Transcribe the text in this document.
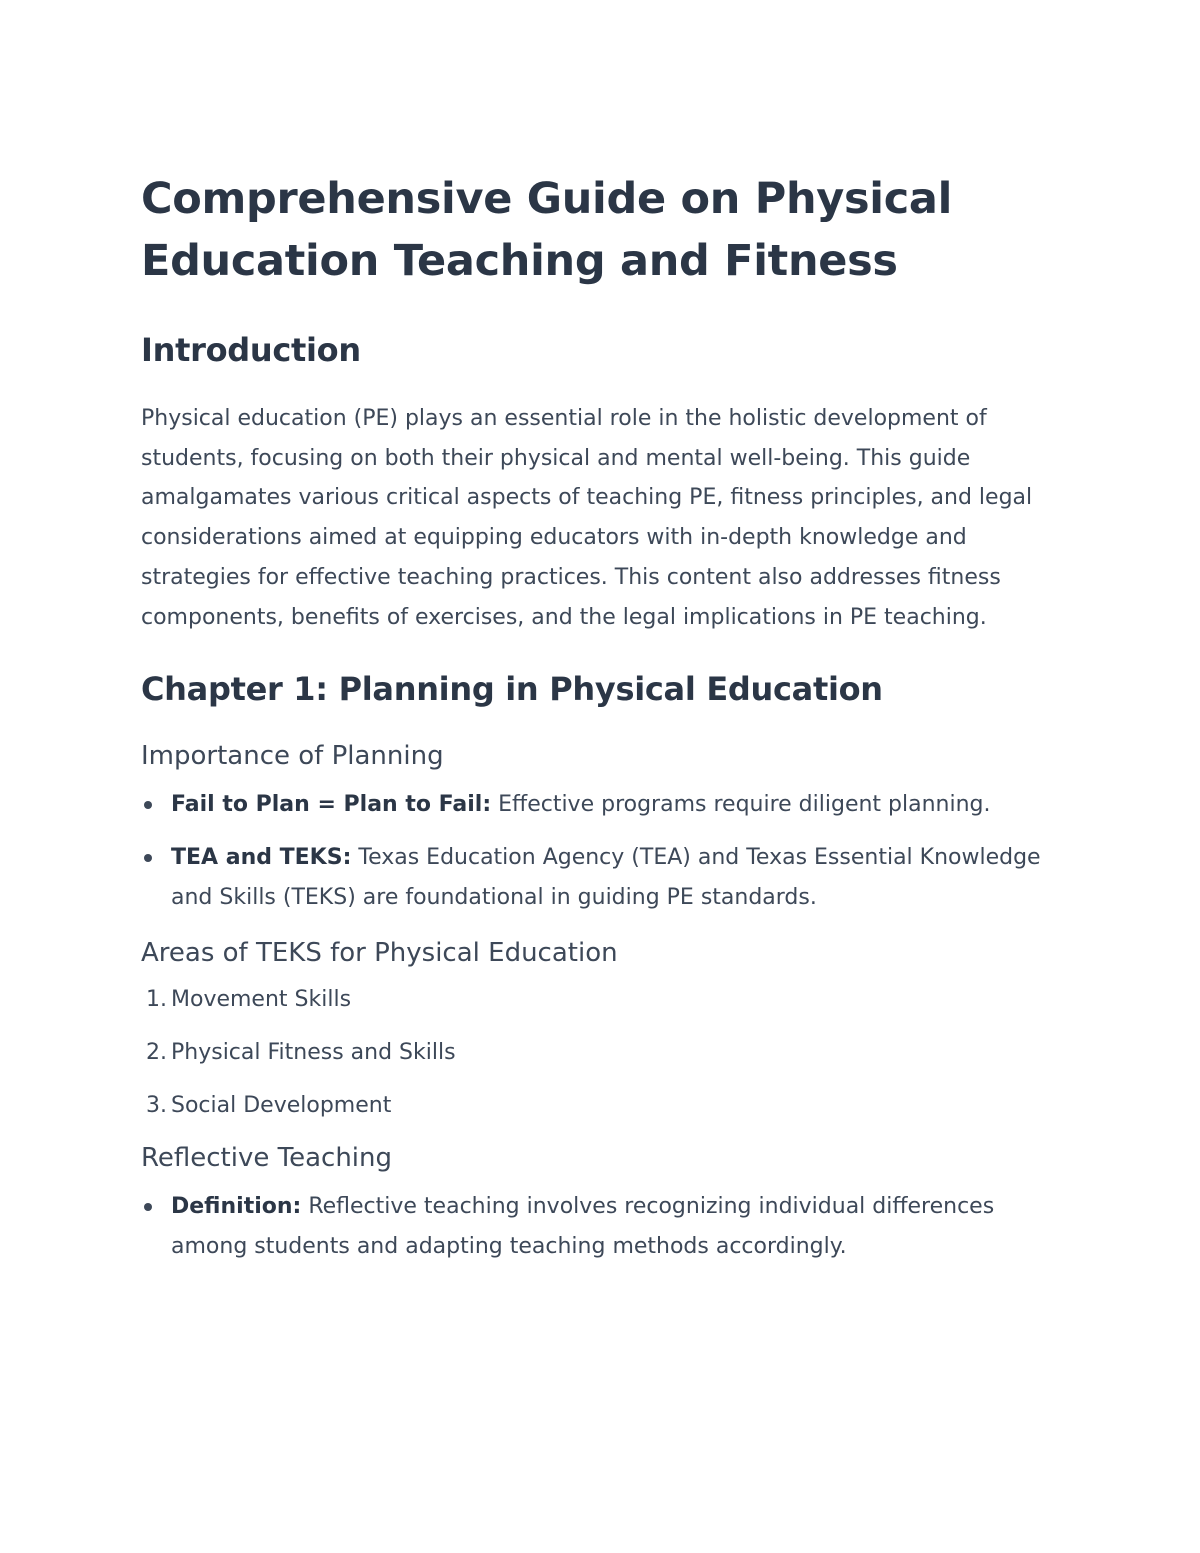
Comprehensive Guide on Physical
Education Teaching and Fitness
Introduction

Physical education (PE) plays an essential role in the holistic development of students, focusing on both their physical and mental well-being. This guide amalgamates various critical aspects of teaching PE, fitness principles, and legal considerations aimed at equipping educators with in-depth knowledge and strategies for effective teaching practices. This content also addresses fitness components, benefits of exercises, and the legal implications in PE teaching.

Chapter 1: Planning in Physical Education
Importance of Planning
Fail to Plan = Plan to Fail: Effective programs require diligent planning.
TEA and TEKS: Texas Education Agency (TEA) and Texas Essential Knowledge and Skills (TEKS) are foundational in guiding PE standards.
Areas of TEKS for Physical Education
1. Movement Skills
2. Physical Fitness and Skills
3. Social Development
Reflective Teaching
Definition: Reflective teaching involves recognizing individual differences among students and adapting teaching methods accordingly.
